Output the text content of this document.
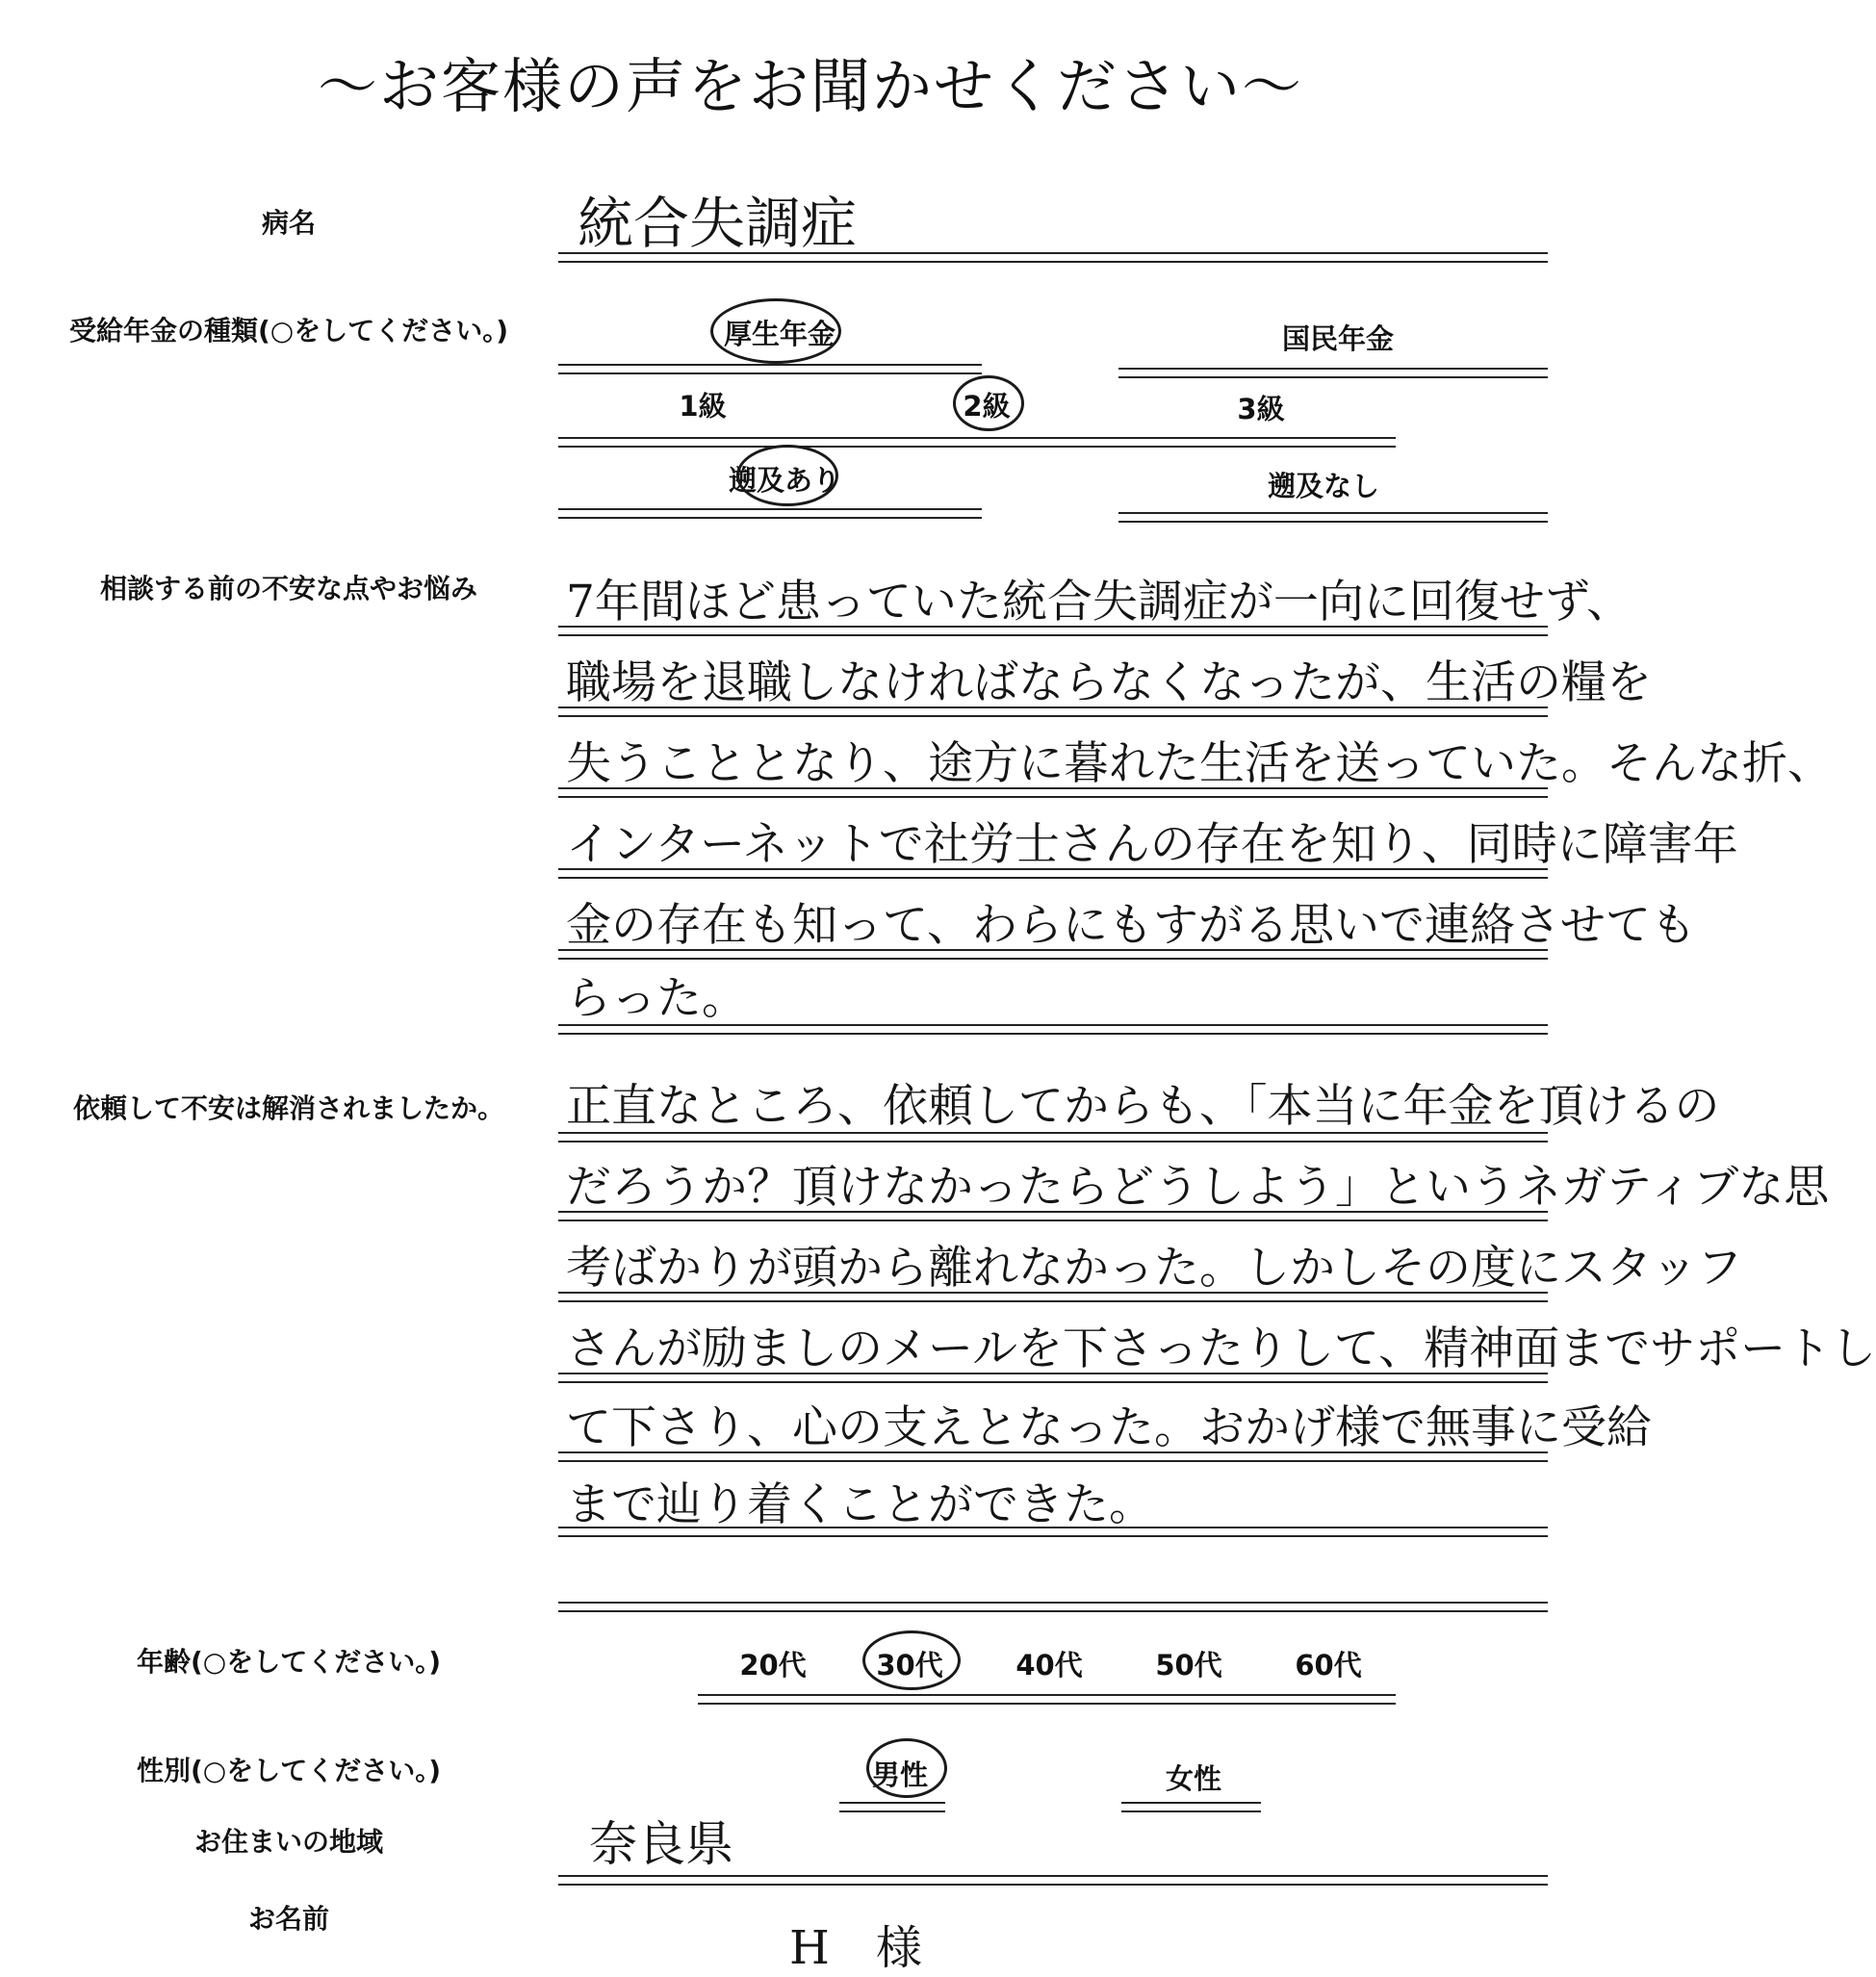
～お客様の声をお聞かせください～
病名	統合失調症
受給年金の種類(○をしてください。)	厚生年金	国民年金
1級	2級	3級
遡及あり	遡及なし
相談する前の不安な点やお悩み	7年間ほど患っていた統合失調症が一向に回復せず、
職場を退職しなければならなくなったが、生活の糧を
失うこととなり、途方に暮れた生活を送っていた。そんな折、
インターネットで社労士さんの存在を知り、同時に障害年
金の存在も知って、わらにもすがる思いで連絡させても
らった。
依頼して不安は解消されましたか。	正直なところ、依頼してからも、「本当に年金を頂けるの
だろうか？頂けなかったらどうしよう」というネガティブな思
考ばかりが頭から離れなかった。しかしその度にスタッフ
さんが励ましのメールを下さったりして、精神面までサポートし
て下さり、心の支えとなった。おかげ様で無事に受給
まで辿り着くことができた。
年齢(○をしてください。)	20代	30代	40代	50代	60代
性別(○をしてください。)	男性	女性
お住まいの地域	奈良県
お名前
H　様
